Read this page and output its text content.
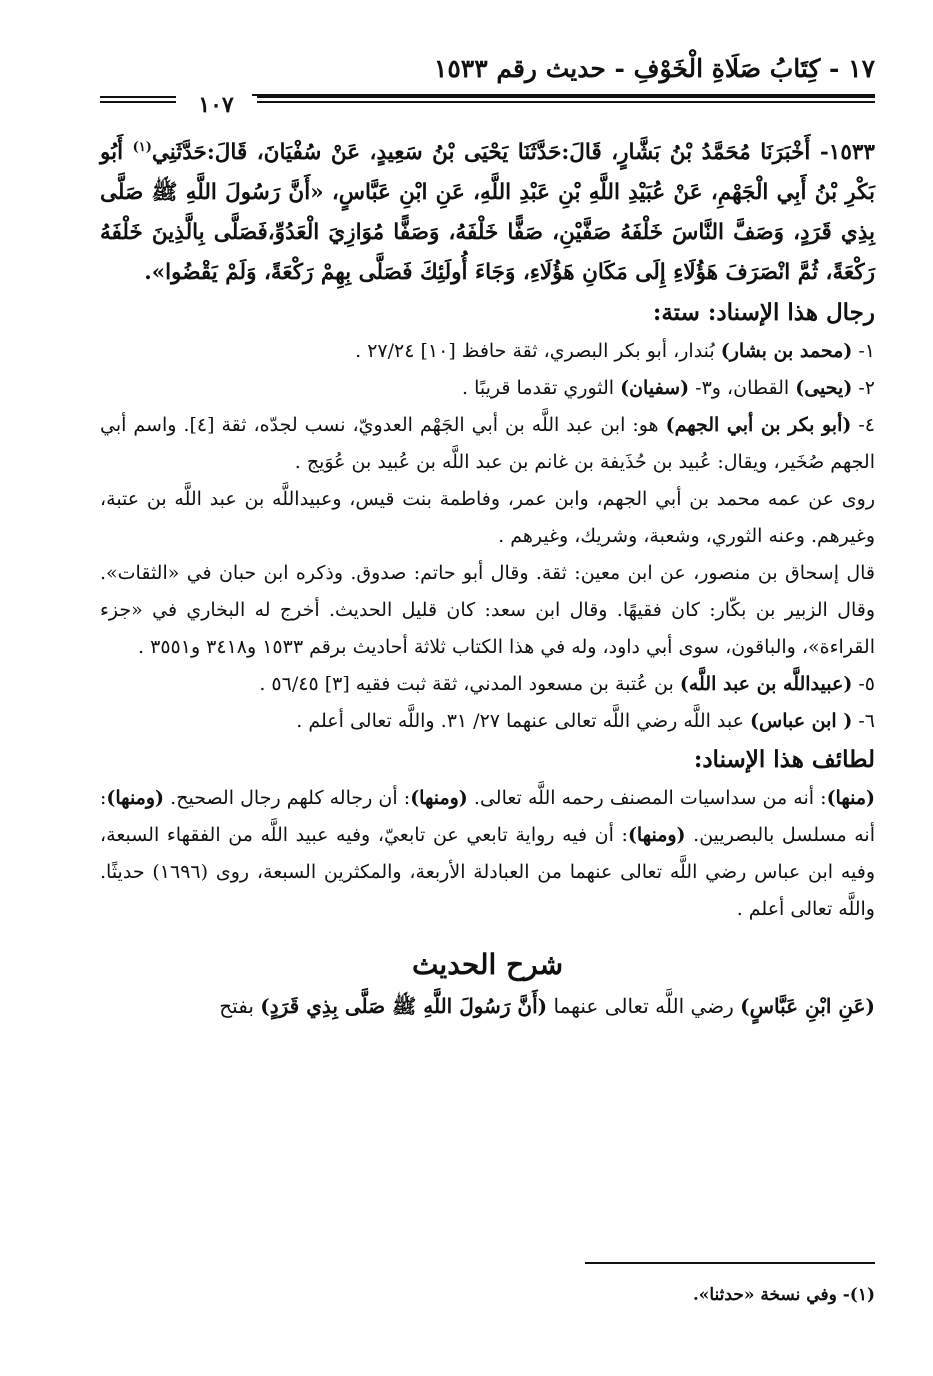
١٧ - كِتَابُ صَلَاةِ الْخَوْفِ - حديث رقم ١٥٣٣
١٠٧

١٥٣٣- أَخْبَرَنَا مُحَمَّدُ بْنُ بَشَّارٍ، قَالَ:حَدَّثَنَا يَحْيَى بْنُ سَعِيدٍ، عَنْ سُفْيَانَ، قَالَ:حَدَّثَنِي$^{(١)}$ أَبُو بَكْرِ بْنُ أَبِي الْجَهْمِ، عَنْ عُبَيْدِ اللَّهِ بْنِ عَبْدِ اللَّهِ، عَنِ ابْنِ عَبَّاسٍ، «أَنَّ رَسُولَ اللَّهِ ﷺ صَلَّى بِذِي قَرَدٍ، وَصَفَّ النَّاسَ خَلْفَهُ صَفَّيْنِ، صَفًّا خَلْفَهُ، وَصَفًّا مُوَازِيَ الْعَدُوِّ،فَصَلَّى بِالَّذِينَ خَلْفَهُ رَكْعَةً، ثُمَّ انْصَرَفَ هَؤُلَاءِ إِلَى مَكَانِ هَؤُلَاءِ، وَجَاءَ أُولَئِكَ فَصَلَّى بِهِمْ رَكْعَةً، وَلَمْ يَقْضُوا».

رجال هذا الإسناد: ستة:

١- (محمد بن بشار) بُندار، أبو بكر البصري، ثقة حافظ [١٠] ٢٧/٢٤ .

٢- (يحيى) القطان، و٣- (سفيان) الثوري تقدما قريبًا .

٤- (أبو بكر بن أبي الجهم) هو: ابن عبد اللَّه بن أبي الجَهْم العدويّ، نسب لجدّه، ثقة [٤]. واسم أبي الجهم صُخَير، ويقال: عُبيد بن حُذَيفة بن غانم بن عبد اللَّه بن عُبيد بن عُوَيج .

روى عن عمه محمد بن أبي الجهم، وابن عمر، وفاطمة بنت قيس، وعبيداللَّه بن عبد اللَّه بن عتبة، وغيرهم. وعنه الثوري، وشعبة، وشريك، وغيرهم .

قال إسحاق بن منصور، عن ابن معين: ثقة. وقال أبو حاتم: صدوق. وذكره ابن حبان في «الثقات». وقال الزبير بن بكّار: كان فقيهًا. وقال ابن سعد: كان قليل الحديث. أخرج له البخاري في «جزء القراءة»، والباقون، سوى أبي داود، وله في هذا الكتاب ثلاثة أحاديث برقم ١٥٣٣ و٣٤١٨ و٣٥٥١ .

٥- (عبيداللَّه بن عبد اللَّه) بن عُتبة بن مسعود المدني، ثقة ثبت فقيه [٣] ٥٦/٤٥ .

٦- ( ابن عباس) عبد اللَّه رضي اللَّه تعالى عنهما ٢٧/ ٣١. واللَّه تعالى أعلم .

لطائف هذا الإسناد:

(منها): أنه من سداسيات المصنف رحمه اللَّه تعالى. (ومنها): أن رجاله كلهم رجال الصحيح. (ومنها): أنه مسلسل بالبصريين. (ومنها): أن فيه رواية تابعي عن تابعيّ، وفيه عبيد اللَّه من الفقهاء السبعة، وفيه ابن عباس رضي اللَّه تعالى عنهما من العبادلة الأربعة، والمكثرين السبعة، روى (١٦٩٦) حديثًا. واللَّه تعالى أعلم .

شرح الحديث

(عَنِ ابْنِ عَبَّاسٍ) رضي اللَّه تعالى عنهما (أَنَّ رَسُولَ اللَّهِ ﷺ صَلَّى بِذِي قَرَدٍ) بفتح

(١)- وفي نسخة «حدثنا».
